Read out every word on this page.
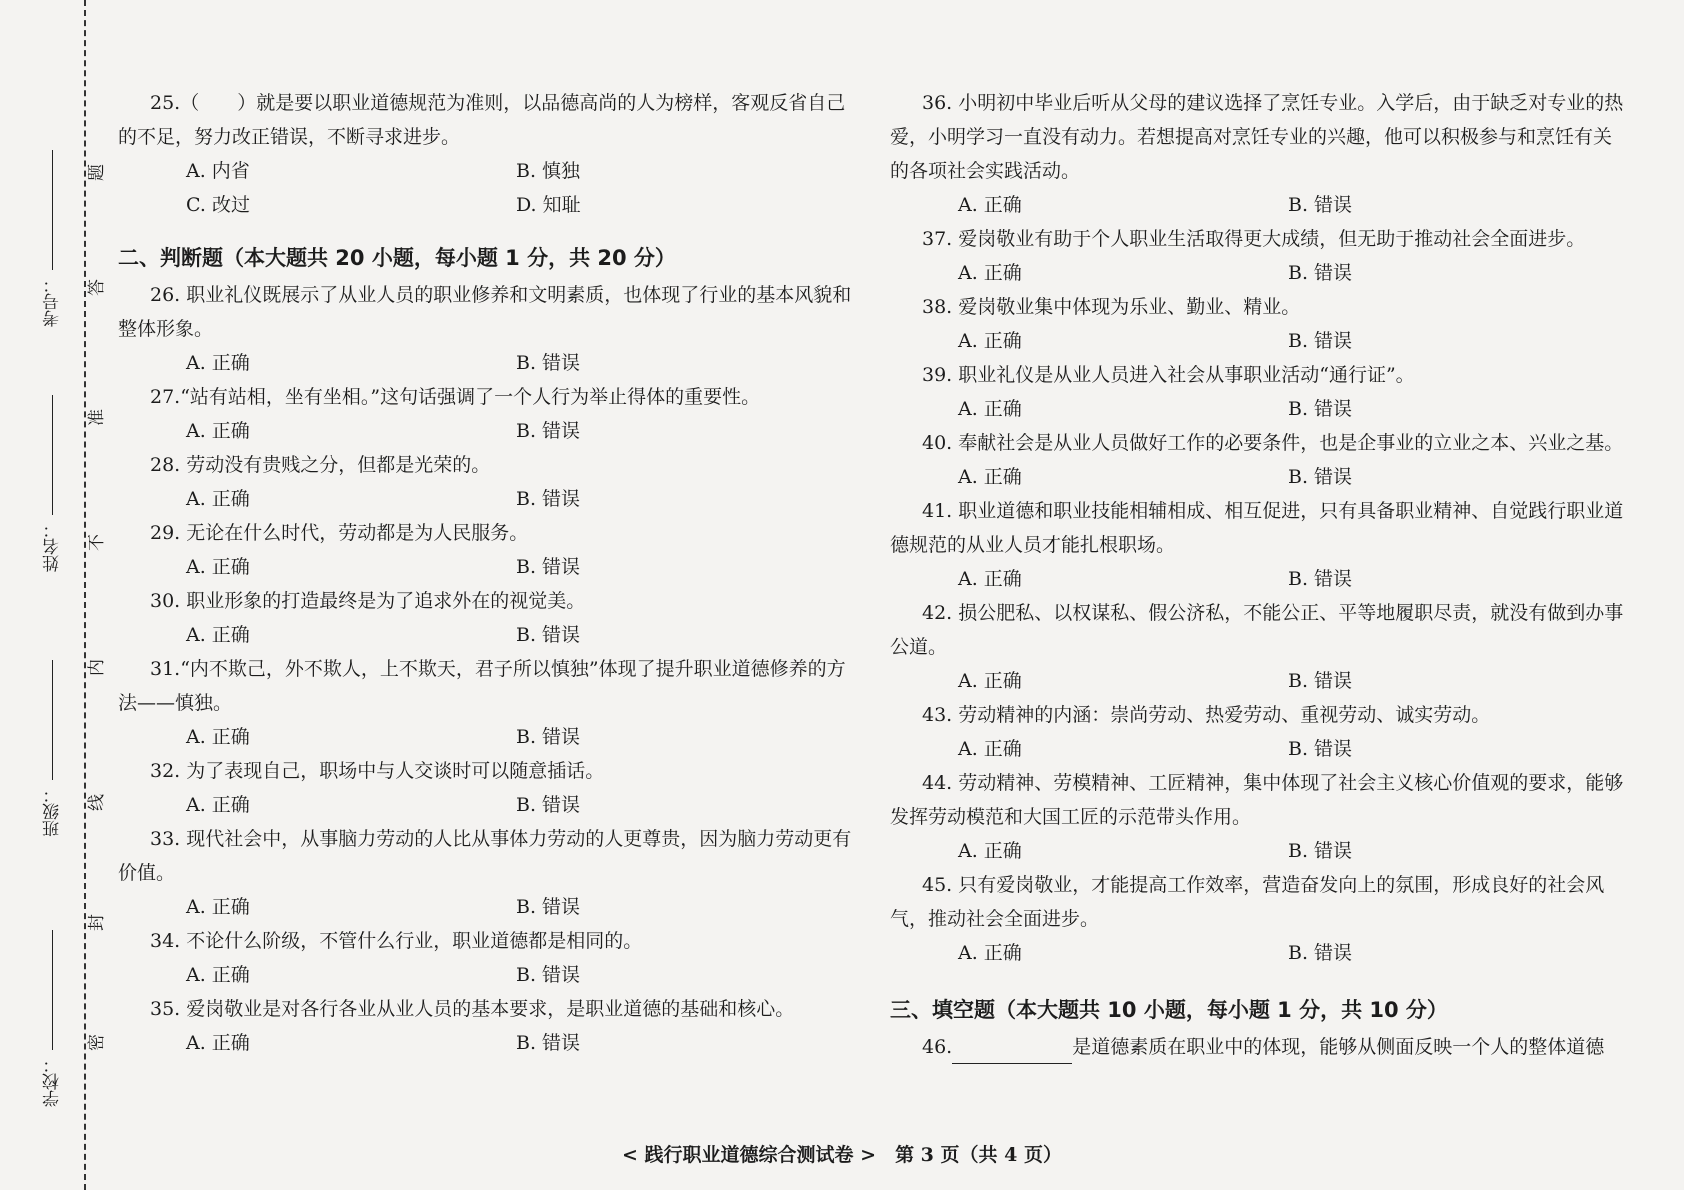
考号：
姓名：
班级：
学校：
题
答
准
不
内
线
封
密
25.（　　）就是要以职业道德规范为准则，以品德高尚的人为榜样，客观反省自己的不足，努力改正错误，不断寻求进步。
A. 内省	B. 慎独
C. 改过	D. 知耻
二、判断题（本大题共 20 小题，每小题 1 分，共 20 分）
26. 职业礼仪既展示了从业人员的职业修养和文明素质，也体现了行业的基本风貌和整体形象。
A. 正确	B. 错误
27.“站有站相，坐有坐相。”这句话强调了一个人行为举止得体的重要性。
A. 正确	B. 错误
28. 劳动没有贵贱之分，但都是光荣的。
A. 正确	B. 错误
29. 无论在什么时代，劳动都是为人民服务。
A. 正确	B. 错误
30. 职业形象的打造最终是为了追求外在的视觉美。
A. 正确	B. 错误
31.“内不欺己，外不欺人，上不欺天，君子所以慎独”体现了提升职业道德修养的方法——慎独。
A. 正确	B. 错误
32. 为了表现自己，职场中与人交谈时可以随意插话。
A. 正确	B. 错误
33. 现代社会中，从事脑力劳动的人比从事体力劳动的人更尊贵，因为脑力劳动更有价值。
A. 正确	B. 错误
34. 不论什么阶级，不管什么行业，职业道德都是相同的。
A. 正确	B. 错误
35. 爱岗敬业是对各行各业从业人员的基本要求，是职业道德的基础和核心。
A. 正确	B. 错误
36. 小明初中毕业后听从父母的建议选择了烹饪专业。入学后，由于缺乏对专业的热爱，小明学习一直没有动力。若想提高对烹饪专业的兴趣，他可以积极参与和烹饪有关的各项社会实践活动。
A. 正确	B. 错误
37. 爱岗敬业有助于个人职业生活取得更大成绩，但无助于推动社会全面进步。
A. 正确	B. 错误
38. 爱岗敬业集中体现为乐业、勤业、精业。
A. 正确	B. 错误
39. 职业礼仪是从业人员进入社会从事职业活动“通行证”。
A. 正确	B. 错误
40. 奉献社会是从业人员做好工作的必要条件，也是企事业的立业之本、兴业之基。
A. 正确	B. 错误
41. 职业道德和职业技能相辅相成、相互促进，只有具备职业精神、自觉践行职业道德规范的从业人员才能扎根职场。
A. 正确	B. 错误
42. 损公肥私、以权谋私、假公济私，不能公正、平等地履职尽责，就没有做到办事公道。
A. 正确	B. 错误
43. 劳动精神的内涵：崇尚劳动、热爱劳动、重视劳动、诚实劳动。
A. 正确	B. 错误
44. 劳动精神、劳模精神、工匠精神，集中体现了社会主义核心价值观的要求，能够发挥劳动模范和大国工匠的示范带头作用。
A. 正确	B. 错误
45. 只有爱岗敬业，才能提高工作效率，营造奋发向上的氛围，形成良好的社会风气，推动社会全面进步。
A. 正确	B. 错误
三、填空题（本大题共 10 小题，每小题 1 分，共 10 分）
46.	是道德素质在职业中的体现，能够从侧面反映一个人的整体道德
< 践行职业道德综合测试卷 >　第 3 页（共 4 页）
